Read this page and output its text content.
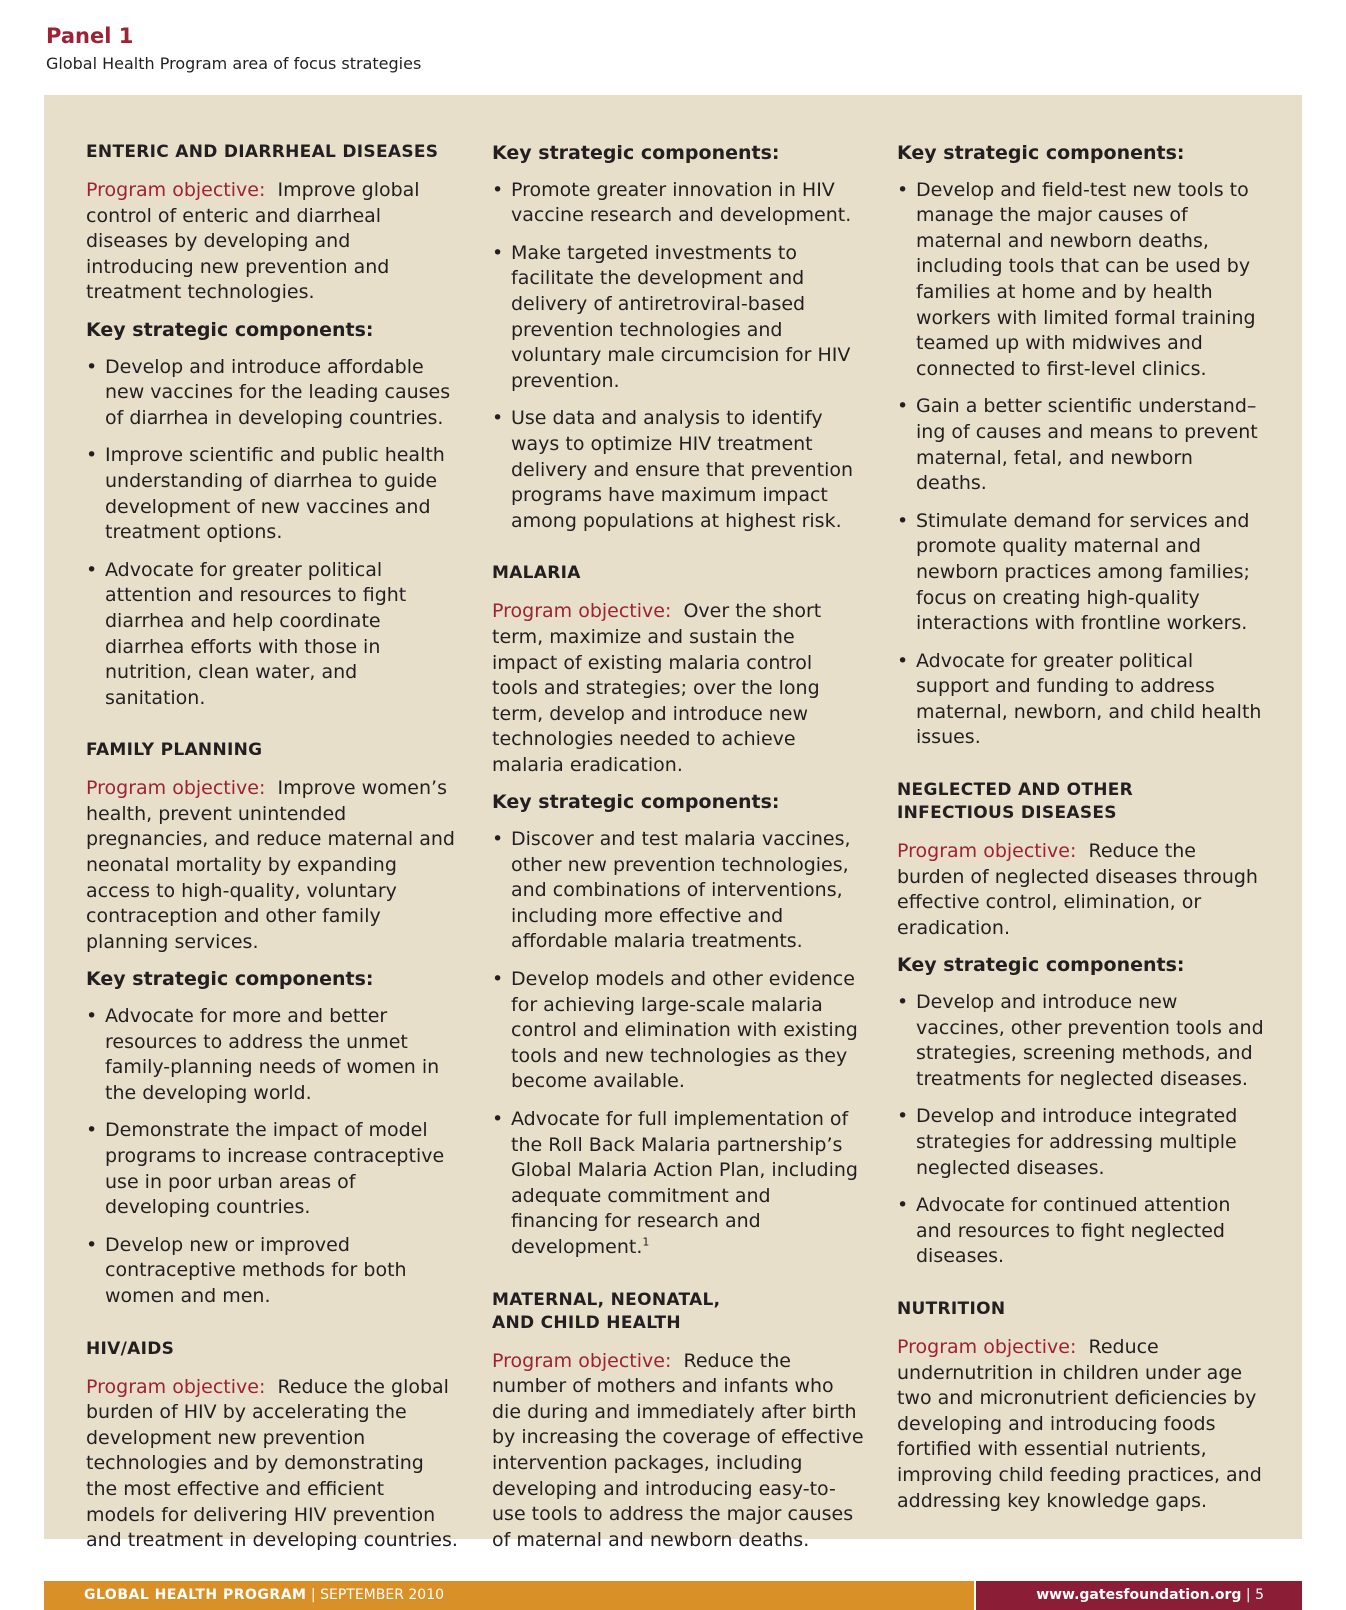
Panel 1
Global Health Program area of focus strategies
ENTERIC AND DIARRHEAL DISEASES

Program objective: Improve global control of enteric and diarrheal diseases by developing and introducing new prevention and treatment technologies.

Key strategic components:
• Develop and introduce affordable new vaccines for the leading causes of diarrhea in developing countries.
• Improve scientific and public health understanding of diarrhea to guide development of new vaccines and treatment options.
• Advocate for greater political attention and resources to fight diarrhea and help coordinate diarrhea efforts with those in nutrition, clean water, and sanitation.
FAMILY PLANNING

Program objective: Improve women’s health, prevent unintended pregnancies, and reduce maternal and neonatal mortality by expanding access to high-quality, voluntary contraception and other family planning services.

Key strategic components:
• Advocate for more and better resources to address the unmet family-planning needs of women in the developing world.
• Demonstrate the impact of model programs to increase contraceptive use in poor urban areas of developing countries.
• Develop new or improved contraceptive methods for both women and men.
HIV/AIDS

Program objective: Reduce the global burden of HIV by accelerating the development new prevention technologies and by demonstrating the most effective and efficient models for delivering HIV prevention and treatment in developing countries.

Key strategic components:
• Promote greater innovation in HIV vaccine research and development.
• Make targeted investments to facilitate the development and delivery of antiretroviral-based prevention technologies and voluntary male circumcision for HIV prevention.
• Use data and analysis to identify ways to optimize HIV treatment delivery and ensure that prevention programs have maximum impact among populations at highest risk.
MALARIA

Program objective: Over the short term, maximize and sustain the impact of existing malaria control tools and strategies; over the long term, develop and introduce new technologies needed to achieve malaria eradication.

Key strategic components:
• Discover and test malaria vaccines, other new prevention technologies, and combinations of interventions, including more effective and affordable malaria treatments.
• Develop models and other evidence for achieving large-scale malaria control and elimination with existing tools and new technologies as they become available.
• Advocate for full implementation of the Roll Back Malaria partnership’s Global Malaria Action Plan, including adequate commitment and financing for research and development.$^1$
MATERNAL, NEONATAL,
AND CHILD HEALTH

Program objective: Reduce the number of mothers and infants who die during and immediately after birth by increasing the coverage of effective intervention packages, including developing and introducing easy-to-use tools to address the major causes of maternal and newborn deaths.

Key strategic components:
• Develop and field-test new tools to manage the major causes of maternal and newborn deaths, including tools that can be used by families at home and by health workers with limited formal training teamed up with midwives and connected to first-level clinics.
• Gain a better scientific understand–ing of causes and means to prevent maternal, fetal, and newborn deaths.
• Stimulate demand for services and promote quality maternal and newborn practices among families; focus on creating high-quality interactions with frontline workers.
• Advocate for greater political support and funding to address maternal, newborn, and child health issues.
NEGLECTED AND OTHER
INFECTIOUS DISEASES

Program objective: Reduce the burden of neglected diseases through effective control, elimination, or eradication.

Key strategic components:
• Develop and introduce new vaccines, other prevention tools and strategies, screening methods, and treatments for neglected diseases.
• Develop and introduce integrated strategies for addressing multiple neglected diseases.
• Advocate for continued attention and resources to fight neglected diseases.
NUTRITION

Program objective: Reduce undernutrition in children under age two and micronutrient deficiencies by developing and introducing foods fortified with essential nutrients, improving child feeding practices, and addressing key knowledge gaps.

GLOBAL HEALTH PROGRAM | SEPTEMBER 2010	www.gatesfoundation.org | 5
